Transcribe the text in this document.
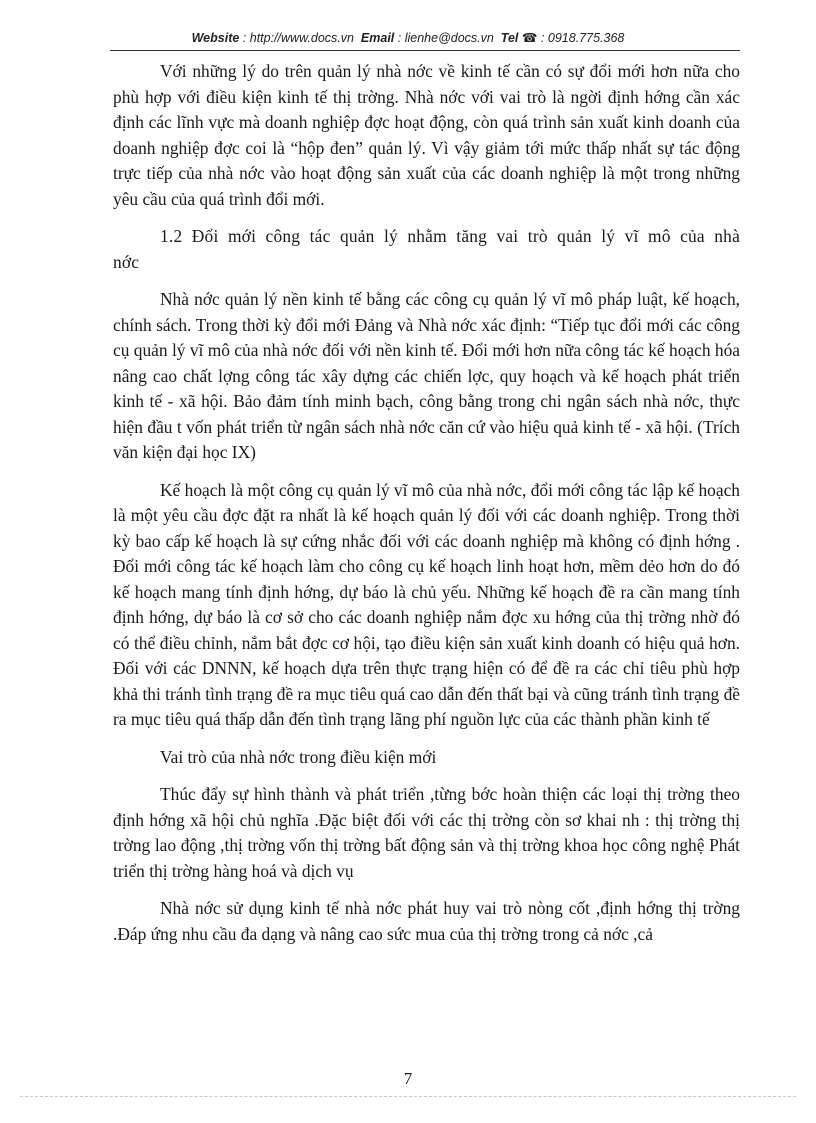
Website : http://www.docs.vn Email : lienhe@docs.vn Tel ☎ : 0918.775.368

Với những lý do trên quản lý nhà nớc về kinh tế cần có sự đổi mới hơn nữa cho phù hợp với điều kiện kinh tế thị trờng. Nhà nớc với vai trò là ngời định hớng cần xác định các lĩnh vực mà doanh nghiệp đợc hoạt động, còn quá trình sản xuất kinh doanh của doanh nghiệp đợc coi là “hộp đen” quản lý. Vì vậy giảm tới mức thấp nhất sự tác động trực tiếp của nhà nớc vào hoạt động sản xuất của các doanh nghiệp là một trong những yêu cầu của quá trình đổi mới.

1.2 Đổi mới công tác quản lý nhằm tăng vai trò quản lý vĩ mô của nhà nớc

Nhà nớc quản lý nền kinh tế bằng các công cụ quản lý vĩ mô pháp luật, kế hoạch, chính sách. Trong thời kỳ đổi mới Đảng và Nhà nớc xác định: “Tiếp tục đổi mới các công cụ quản lý vĩ mô của nhà nớc đối với nền kinh tế. Đổi mới hơn nữa công tác kế hoạch hóa nâng cao chất lợng công tác xây dựng các chiến lợc, quy hoạch và kế hoạch phát triển kinh tế - xã hội. Bảo đảm tính minh bạch, công bằng trong chi ngân sách nhà nớc, thực hiện đầu t vốn phát triển từ ngân sách nhà nớc căn cứ vào hiệu quả kinh tế - xã hội. (Trích văn kiện đại học IX)

Kế hoạch là một công cụ quản lý vĩ mô của nhà nớc, đổi mới công tác lập kế hoạch là một yêu cầu đợc đặt ra nhất là kế hoạch quản lý đối với các doanh nghiệp. Trong thời kỳ bao cấp kế hoạch là sự cứng nhắc đối với các doanh nghiệp mà không có định hớng . Đổi mới công tác kế hoạch làm cho công cụ kế hoạch linh hoạt hơn, mềm dẻo hơn do đó kế hoạch mang tính định hớng, dự báo là chủ yếu. Những kế hoạch đề ra cần mang tính định hớng, dự báo là cơ sở cho các doanh nghiệp nắm đợc xu hớng của thị trờng nhờ đó có thể điều chỉnh, nắm bắt đợc cơ hội, tạo điều kiện sản xuất kinh doanh có hiệu quả hơn. Đối với các DNNN, kế hoạch dựa trên thực trạng hiện có để đề ra các chỉ tiêu phù hợp khả thi tránh tình trạng đề ra mục tiêu quá cao dẫn đến thất bại và cũng tránh tình trạng đề ra mục tiêu quá thấp dẫn đến tình trạng lãng phí nguồn lực của các thành phần kinh tế

Vai trò của nhà nớc trong điều kiện mới

Thúc đẩy sự hình thành và phát triển ,từng bớc hoàn thiện các loại thị trờng theo định hớng xã hội chủ nghĩa .Đặc biệt đối với các thị trờng còn sơ khai nh : thị trờng thị trờng lao động ,thị trờng vốn thị trờng bất động sản và thị trờng khoa học công nghệ Phát triển thị trờng hàng hoá và dịch vụ

Nhà nớc sử dụng kinh tế nhà nớc phát huy vai trò nòng cốt ,định hớng thị trờng .Đáp ứng nhu cầu đa dạng và nâng cao sức mua của thị trờng trong cả nớc ,cả

7
